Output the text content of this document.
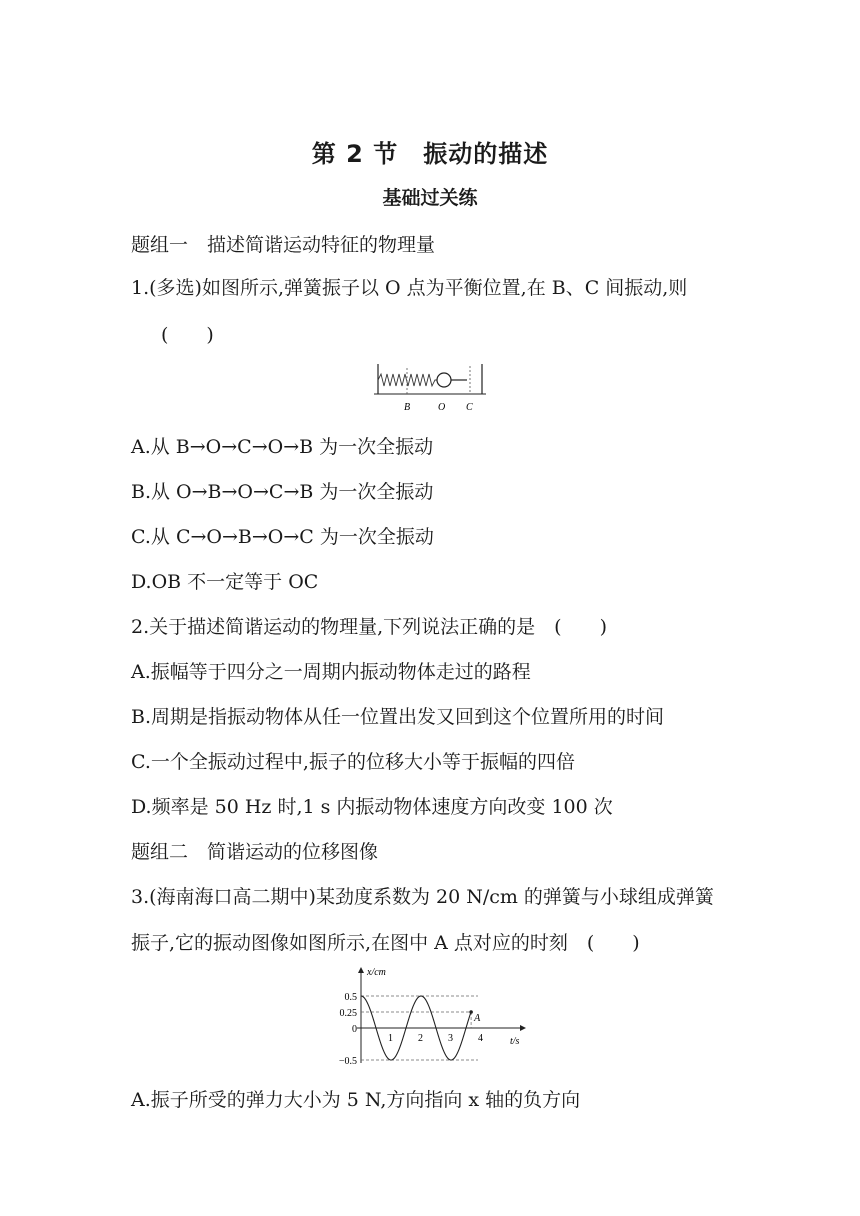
第 2 节　振动的描述
基础过关练
题组一　描述简谐运动特征的物理量
1.(多选)如图所示,弹簧振子以 O 点为平衡位置,在 B、C 间振动,则
(　　)
B	O C
A.从 B→O→C→O→B 为一次全振动
B.从 O→B→O→C→B 为一次全振动
C.从 C→O→B→O→C 为一次全振动
D.OB 不一定等于 OC
2.关于描述简谐运动的物理量,下列说法正确的是　(　　)
A.振幅等于四分之一周期内振动物体走过的路程
B.周期是指振动物体从任一位置出发又回到这个位置所用的时间
C.一个全振动过程中,振子的位移大小等于振幅的四倍
D.频率是 50 Hz 时,1 s 内振动物体速度方向改变 100 次
题组二　简谐运动的位移图像
3.(海南海口高二期中)某劲度系数为 20 N/cm 的弹簧与小球组成弹簧
振子,它的振动图像如图所示,在图中 A 点对应的时刻　(　　)
1	2	3	4
0.5
0.25
0
−0.5
x/cm
t/s
A
A.振子所受的弹力大小为 5 N,方向指向 x 轴的负方向
